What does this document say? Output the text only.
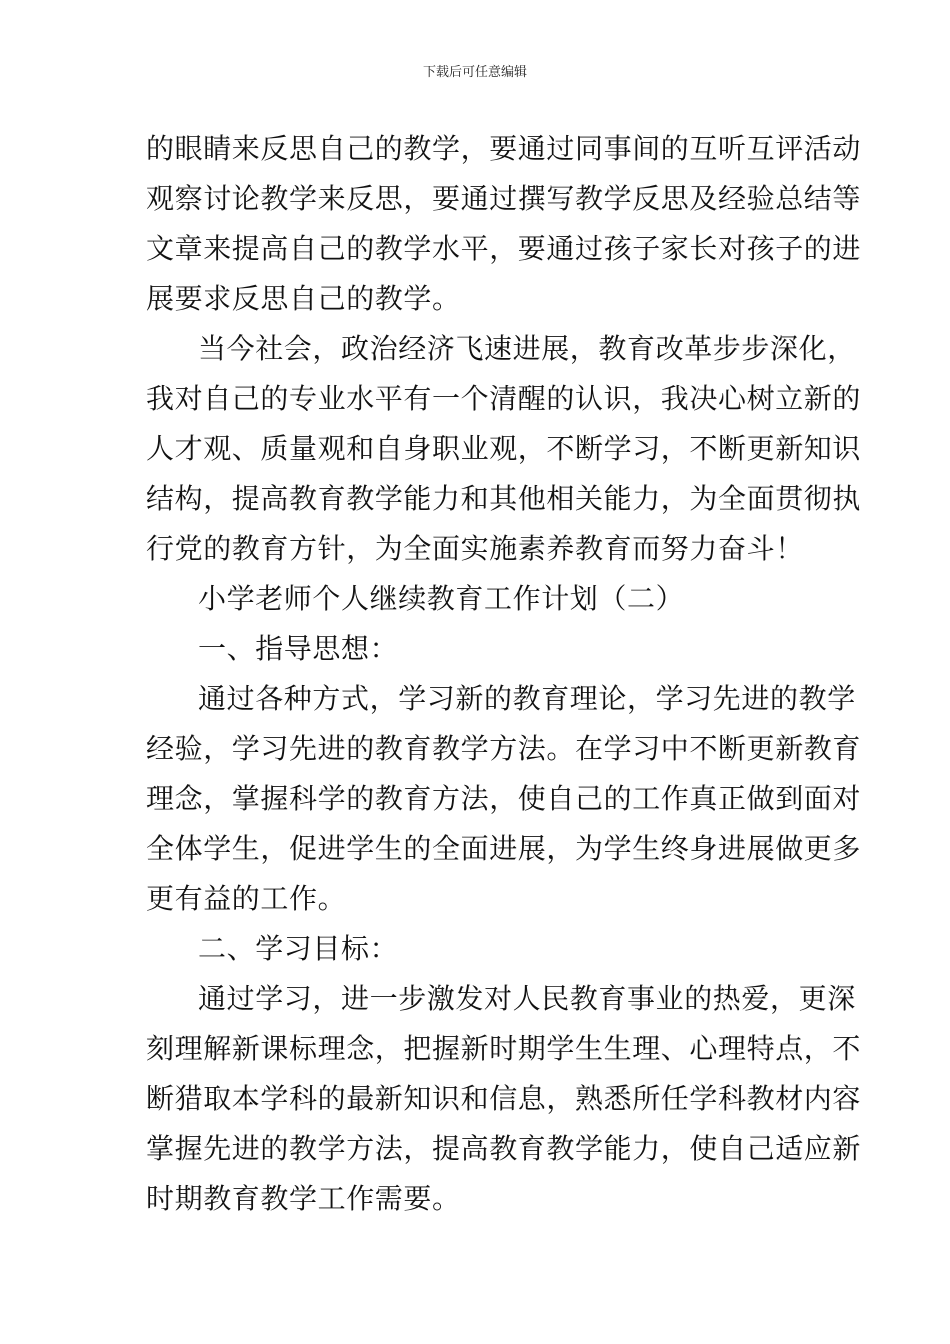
下载后可任意编辑
的眼睛来反思自己的教学，要通过同事间的互听互评活动
观察讨论教学来反思，要通过撰写教学反思及经验总结等
文章来提高自己的教学水平，要通过孩子家长对孩子的进
展要求反思自己的教学。
当今社会，政治经济飞速进展，教育改革步步深化，
我对自己的专业水平有一个清醒的认识，我决心树立新的
人才观、质量观和自身职业观，不断学习，不断更新知识
结构，提高教育教学能力和其他相关能力，为全面贯彻执
行党的教育方针，为全面实施素养教育而努力奋斗！
小学老师个人继续教育工作计划（二）
一、指导思想：
通过各种方式，学习新的教育理论，学习先进的教学
经验，学习先进的教育教学方法。在学习中不断更新教育
理念，掌握科学的教育方法，使自己的工作真正做到面对
全体学生，促进学生的全面进展，为学生终身进展做更多
更有益的工作。
二、学习目标：
通过学习，进一步激发对人民教育事业的热爱，更深
刻理解新课标理念，把握新时期学生生理、心理特点，不
断猎取本学科的最新知识和信息，熟悉所任学科教材内容
掌握先进的教学方法，提高教育教学能力，使自己适应新
时期教育教学工作需要。
